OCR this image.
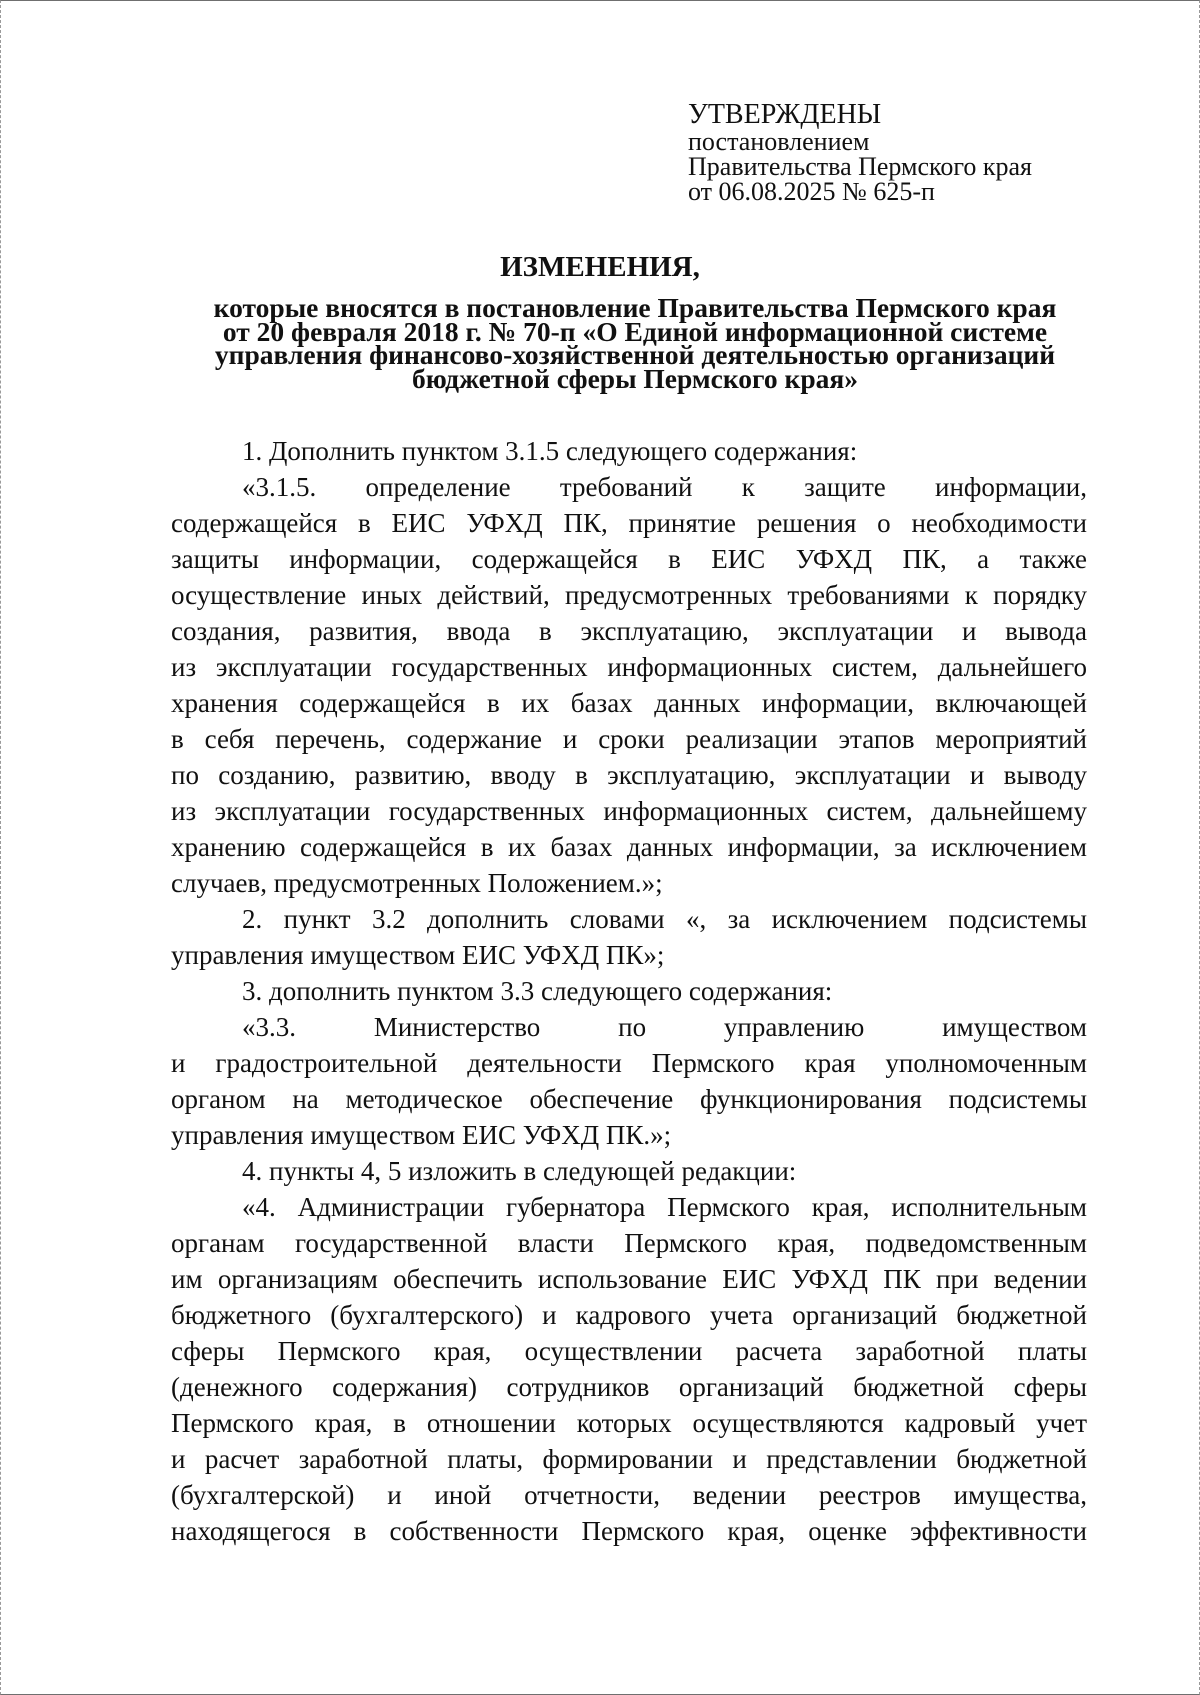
УТВЕРЖДЕНЫ
постановлением
Правительства Пермского края
от 06.08.2025 № 625-п
ИЗМЕНЕНИЯ,
которые вносятся в постановление Правительства Пермского края
от 20 февраля 2018 г. № 70-п «О Единой информационной системе
управления финансово-хозяйственной деятельностью организаций
бюджетной сферы Пермского края»
1. Дополнить пунктом 3.1.5 следующего содержания:
«3.1.5. определение требований к защите информации,
содержащейся в ЕИС УФХД ПК, принятие решения о необходимости
защиты информации, содержащейся в ЕИС УФХД ПК, а также
осуществление иных действий, предусмотренных требованиями к порядку
создания, развития, ввода в эксплуатацию, эксплуатации и вывода
из эксплуатации государственных информационных систем, дальнейшего
хранения содержащейся в их базах данных информации, включающей
в себя перечень, содержание и сроки реализации этапов мероприятий
по созданию, развитию, вводу в эксплуатацию, эксплуатации и выводу
из эксплуатации государственных информационных систем, дальнейшему
хранению содержащейся в их базах данных информации, за исключением
случаев, предусмотренных Положением.»;
2. пункт 3.2 дополнить словами «, за исключением подсистемы
управления имуществом ЕИС УФХД ПК»;
3. дополнить пунктом 3.3 следующего содержания:
«3.3. Министерство по управлению имуществом
и градостроительной деятельности Пермского края уполномоченным
органом на методическое обеспечение функционирования подсистемы
управления имуществом ЕИС УФХД ПК.»;
4. пункты 4, 5 изложить в следующей редакции:
«4. Администрации губернатора Пермского края, исполнительным
органам государственной власти Пермского края, подведомственным
им организациям обеспечить использование ЕИС УФХД ПК при ведении
бюджетного (бухгалтерского) и кадрового учета организаций бюджетной
сферы Пермского края, осуществлении расчета заработной платы
(денежного содержания) сотрудников организаций бюджетной сферы
Пермского края, в отношении которых осуществляются кадровый учет
и расчет заработной платы, формировании и представлении бюджетной
(бухгалтерской) и иной отчетности, ведении реестров имущества,
находящегося в собственности Пермского края, оценке эффективности
